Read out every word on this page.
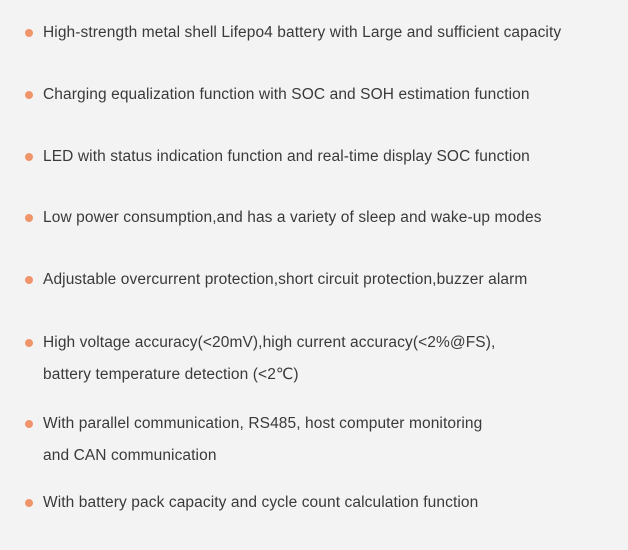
High-strength metal shell Lifepo4 battery with Large and sufficient capacity
Charging equalization function with SOC and SOH estimation function
LED with status indication function and real-time display SOC function
Low power consumption,and has a variety of sleep and wake-up modes
Adjustable overcurrent protection,short circuit protection,buzzer alarm
High voltage accuracy(<20mV),high current accuracy(<2%@FS),
battery temperature detection (<2℃)
With parallel communication, RS485, host computer monitoring
and CAN communication
With battery pack capacity and cycle count calculation function
